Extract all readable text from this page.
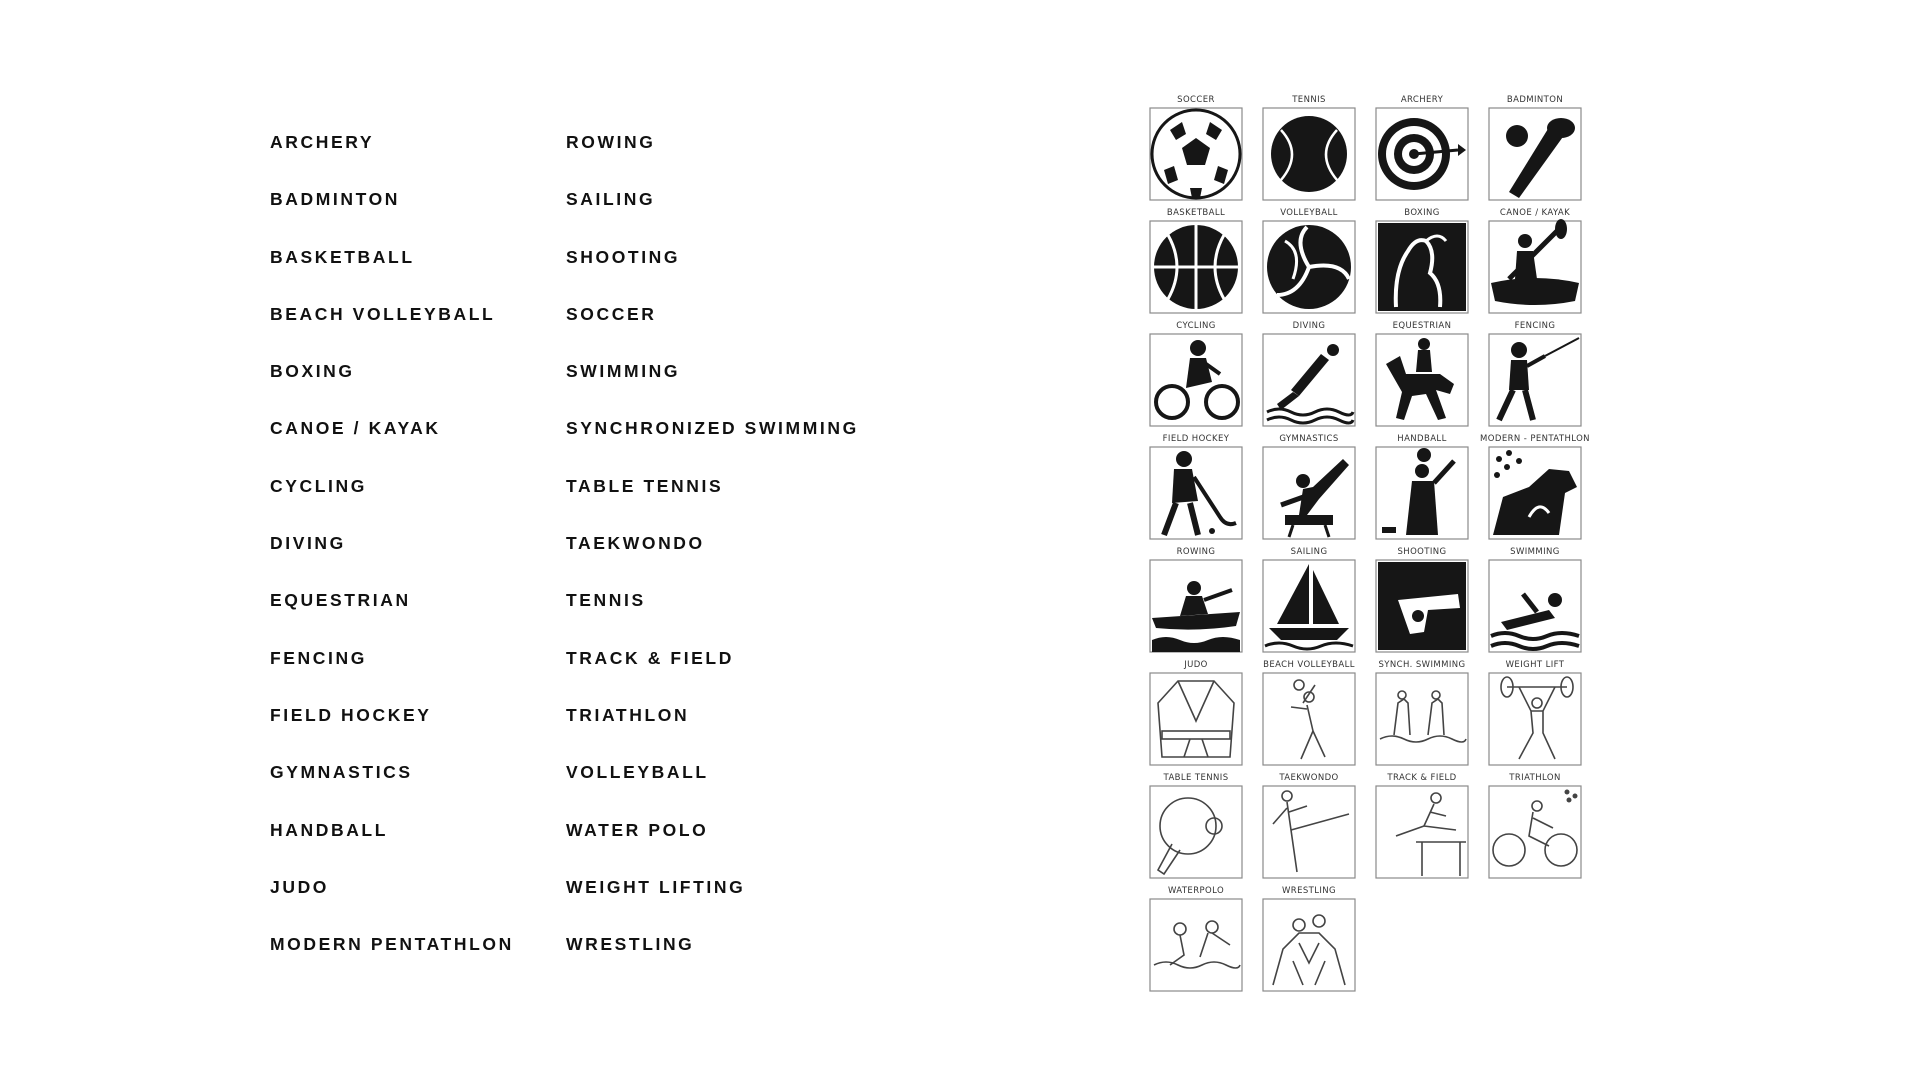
ARCHERY
BADMINTON
BASKETBALL
BEACH VOLLEYBALL
BOXING
CANOE / KAYAK
CYCLING
DIVING
EQUESTRIAN
FENCING
FIELD HOCKEY
GYMNASTICS
HANDBALL
JUDO
MODERN PENTATHLON
ROWING
SAILING
SHOOTING
SOCCER
SWIMMING
SYNCHRONIZED SWIMMING
TABLE TENNIS
TAEKWONDO
TENNIS
TRACK & FIELD
TRIATHLON
VOLLEYBALL
WATER POLO
WEIGHT LIFTING
WRESTLING
SOCCER	TENNIS	ARCHERY	BADMINTON
BASKETBALL	VOLLEYBALL	BOXING	CANOE / KAYAK
CYCLING	DIVING	EQUESTRIAN	FENCING
FIELD HOCKEY	GYMNASTICS	HANDBALL	MODERN - PENTATHLON
ROWING	SAILING	SHOOTING	SWIMMING
JUDO	BEACH VOLLEYBALL	SYNCH. SWIMMING	WEIGHT LIFT
TABLE TENNIS	TAEKWONDO	TRACK & FIELD	TRIATHLON
WATERPOLO	WRESTLING
